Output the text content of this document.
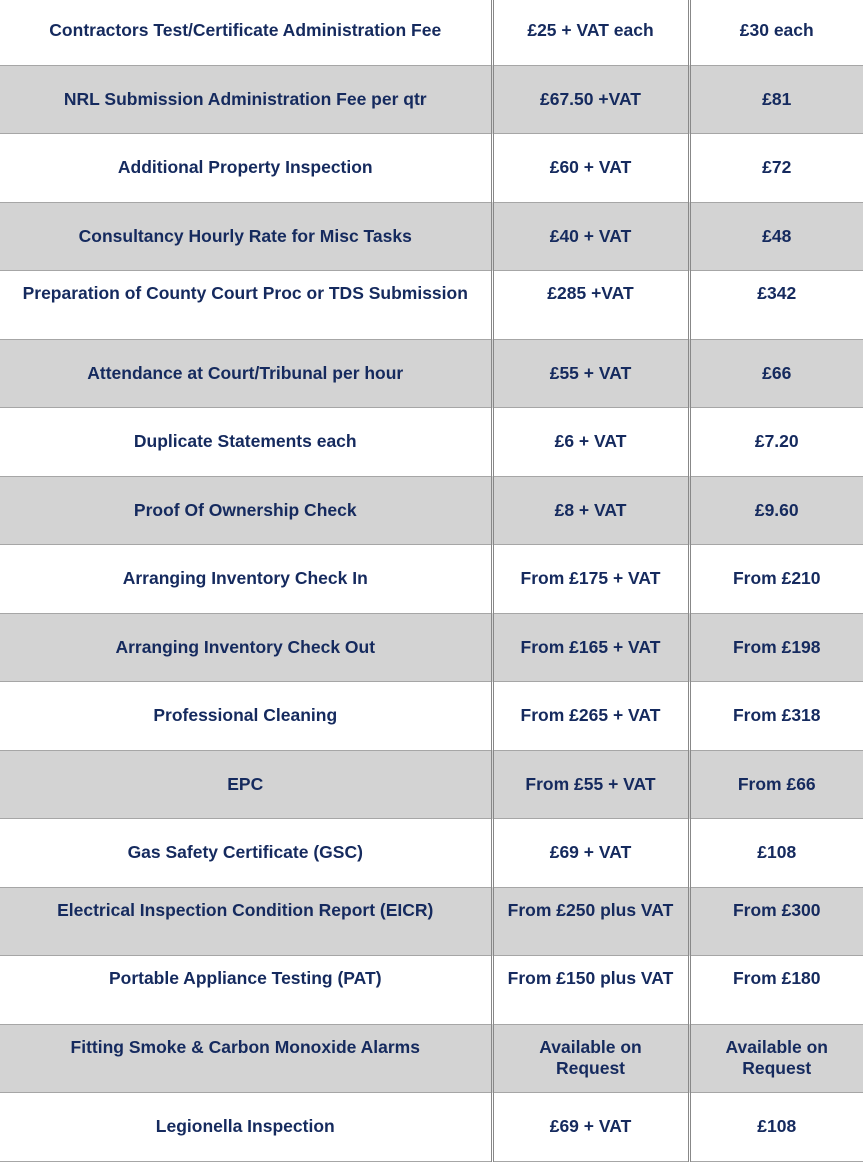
Contractors Test/Certificate Administration Fee	£25 + VAT each	£30 each
NRL Submission Administration Fee per qtr	£67.50 +VAT	£81
Additional Property Inspection	£60 + VAT	£72
Consultancy Hourly Rate for Misc Tasks	£40 + VAT	£48
Preparation of County Court Proc or TDS Submission	£285 +VAT	£342
Attendance at Court/Tribunal per hour	£55 + VAT	£66
Duplicate Statements each	£6 + VAT	£7.20
Proof Of Ownership Check	£8 + VAT	£9.60
Arranging Inventory Check In	From £175 + VAT	From £210
Arranging Inventory Check Out	From £165 + VAT	From £198
Professional Cleaning	From £265 + VAT	From £318
EPC	From £55 + VAT	From £66
Gas Safety Certificate (GSC)	£69 + VAT	£108
Electrical Inspection Condition Report (EICR)	From £250 plus VAT	From £300
Portable Appliance Testing (PAT)	From £150 plus VAT	From £180
Fitting Smoke & Carbon Monoxide Alarms	Available on Request	Available on Request
Legionella Inspection	£69 + VAT	£108
